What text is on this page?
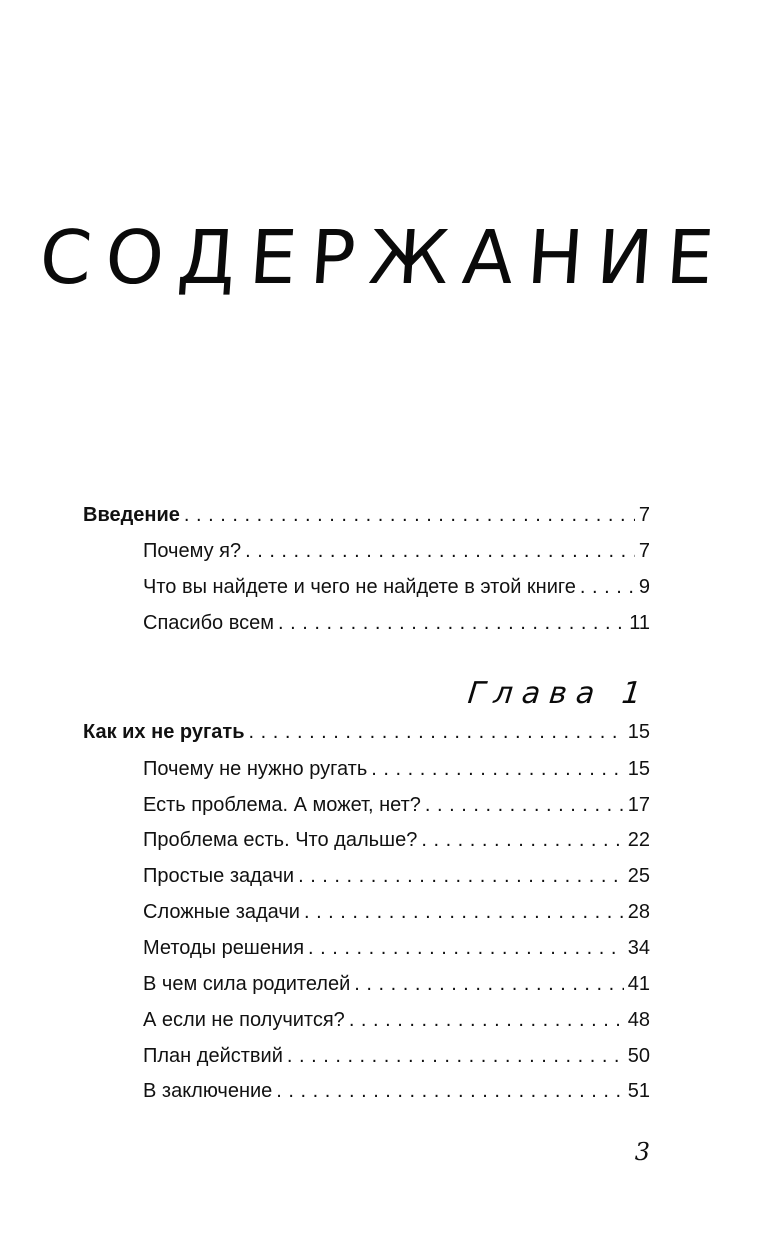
СОДЕРЖАНИЕ
Введение . . .	7
Почему я? . . .	7
Что вы найдете и чего не найдете в этой книге . . .	9
Спасибо всем . . .	11
Глава 1
Как их не ругать . . .	15
Почему не нужно ругать . . .	15
Есть проблема. А может, нет? . . .	17
Проблема есть. Что дальше? . . .	22
Простые задачи . . .	25
Сложные задачи . . .	28
Методы решения . . .	34
В чем сила родителей . . .	41
А если не получится? . . .	48
План действий . . .	50
В заключение . . .	51
3
